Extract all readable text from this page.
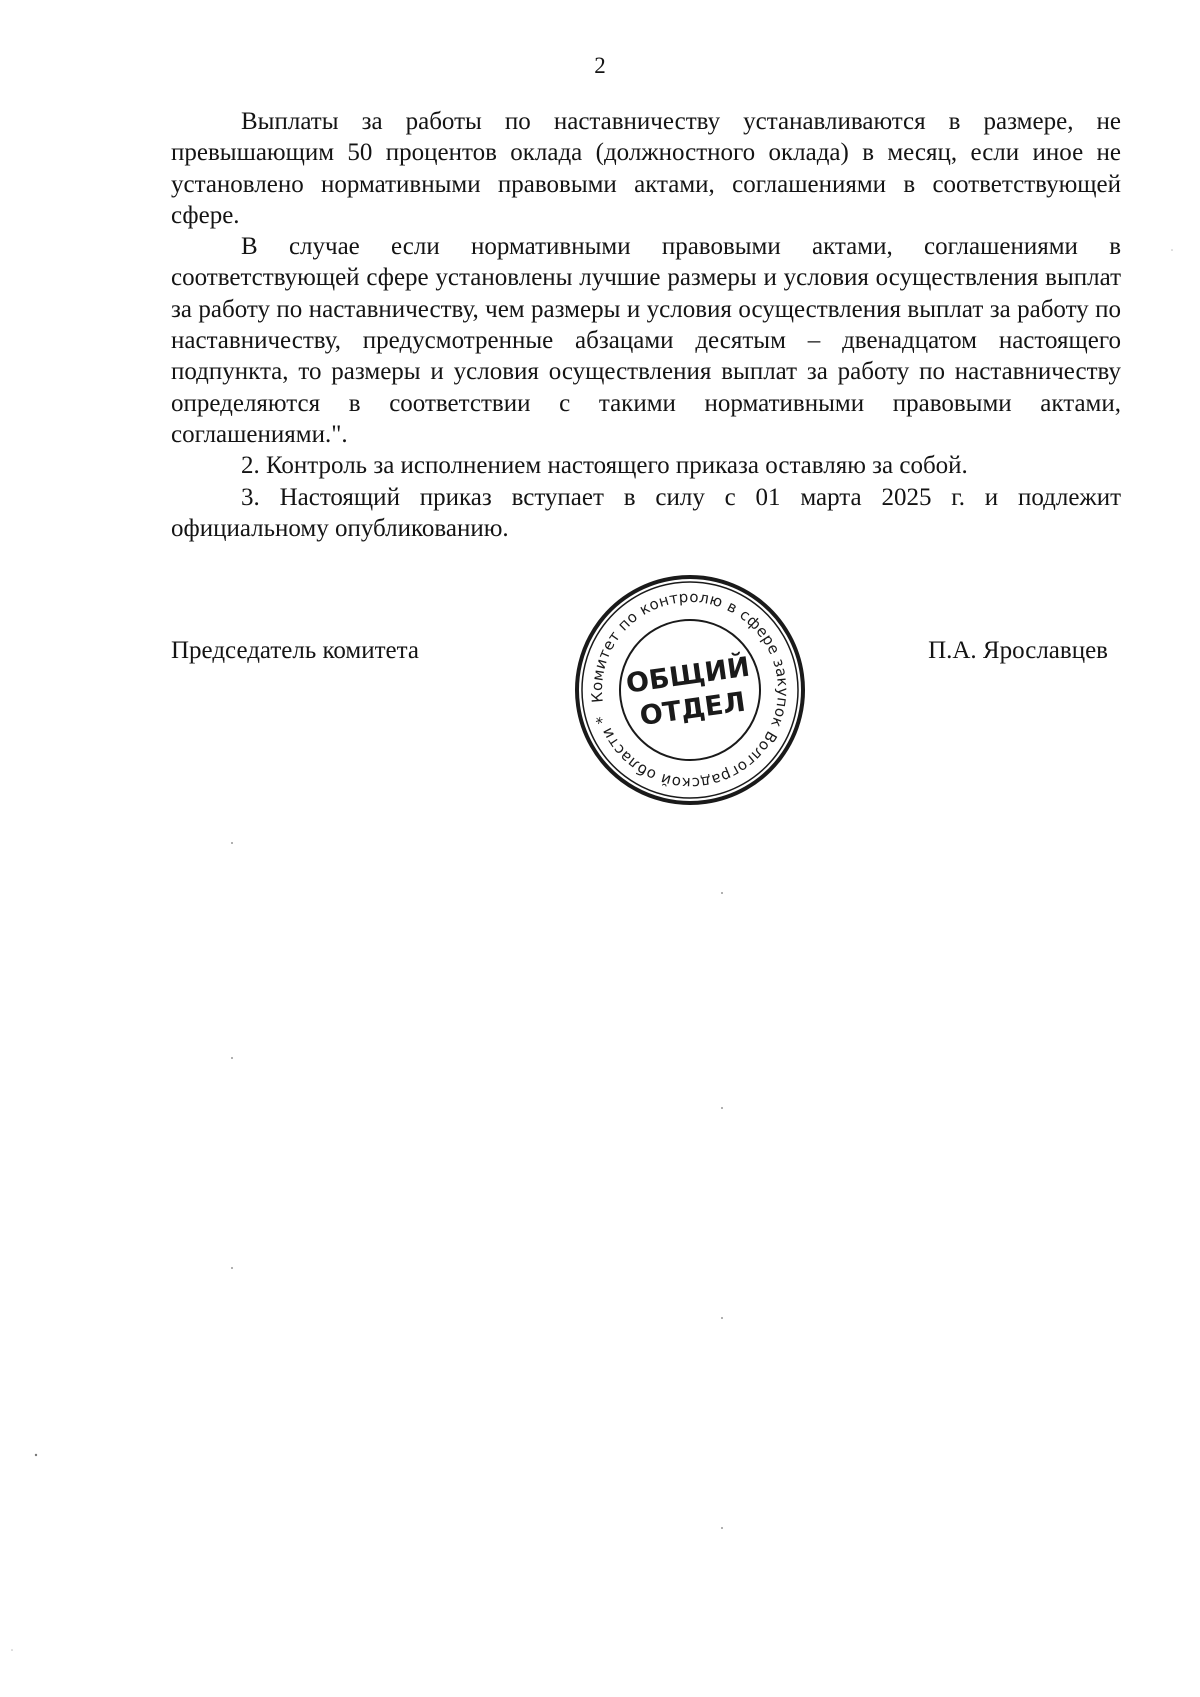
2

Выплаты за работы по наставничеству устанавливаются в размере, не превышающим 50 процентов оклада (должностного оклада) в месяц, если иное не установлено нормативными правовыми актами, соглашениями в соответствующей сфере.

В случае если нормативными правовыми актами, соглашениями в соответствующей сфере установлены лучшие размеры и условия осуществления выплат за работу по наставничеству, чем размеры и условия осуществления выплат за работу по наставничеству, предусмотренные абзацами десятым – двенадцатом настоящего подпункта, то размеры и условия осуществления выплат за работу по наставничеству определяются в соответствии с такими нормативными правовыми актами, соглашениями.".

2. Контроль за исполнением настоящего приказа оставляю за собой.

3. Настоящий приказ вступает в силу с 01 марта 2025 г. и подлежит официальному опубликованию.

Председатель комитета	П.А. Ярославцев
Комитет по контролю в сфере закупок Волгоградской области *
ОБЩИЙ
ОТДЕЛ
